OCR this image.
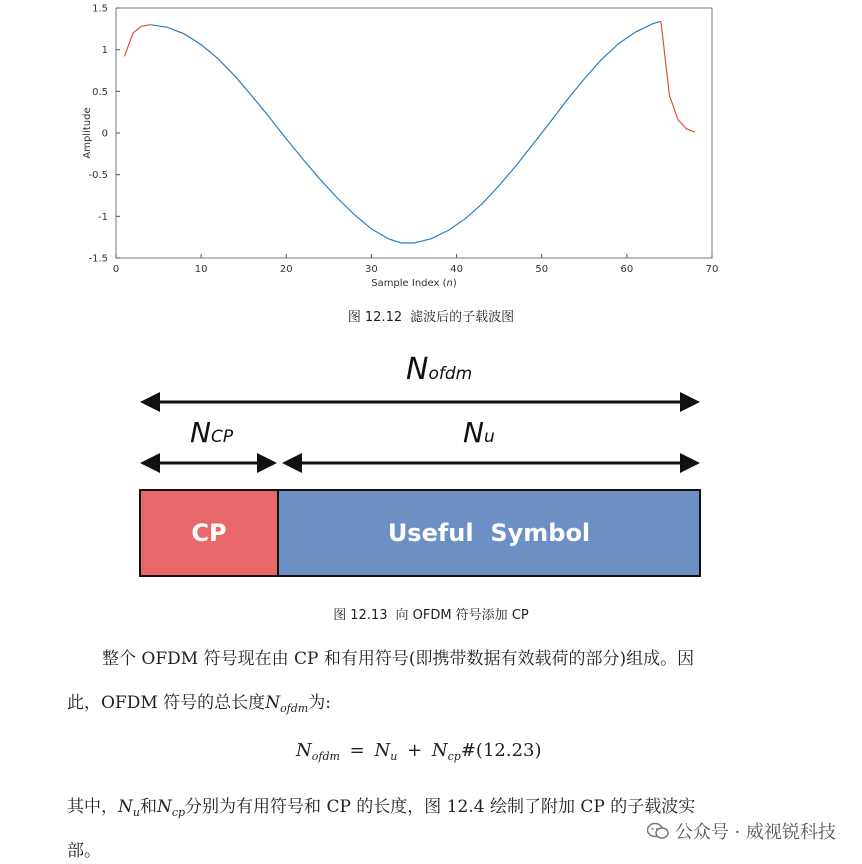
0	10	20	30	40	50	60	70
-1.5
-1
-0.5
0
0.5
1
1.5
Sample Index (n)
Amplitude
图 12.12 滤波后的子载波图
Nofdm
NCP	Nu
CP	Useful  Symbol
图 12.13 向 OFDM 符号添加 CP
整个 OFDM 符号现在由 CP 和有用符号(即携带数据有效载荷的部分)组成。因
此，OFDM 符号的总长度$N_{ofdm}$为:
$N_{ofdm} = N_u$ + $N_{cp}\#(12.23)$
其中，$N_u$和$N_{cp}$分别为有用符号和 CP 的长度，图 12.4 绘制了附加 CP 的子载波实
部。
公众号 · 威视锐科技
